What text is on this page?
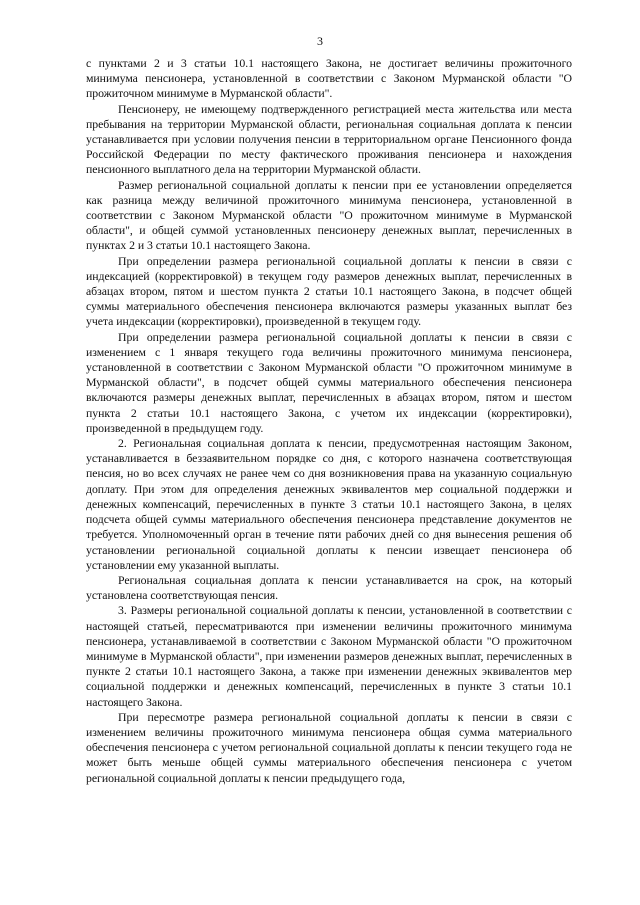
3

с пунктами 2 и 3 статьи 10.1 настоящего Закона, не достигает величины прожиточного минимума пенсионера, установленной в соответствии с Законом Мурманской области "О прожиточном минимуме в Мурманской области".

Пенсионеру, не имеющему подтвержденного регистрацией места жительства или места пребывания на территории Мурманской области, региональная социальная доплата к пенсии устанавливается при условии получения пенсии в территориальном органе Пенсионного фонда Российской Федерации по месту фактического проживания пенсионера и нахождения пенсионного выплатного дела на территории Мурманской области.

Размер региональной социальной доплаты к пенсии при ее установлении определяется как разница между величиной прожиточного минимума пенсионера, установленной в соответствии с Законом Мурманской области "О прожиточном минимуме в Мурманской области", и общей суммой установленных пенсионеру денежных выплат, перечисленных в пунктах 2 и 3 статьи 10.1 настоящего Закона.

При определении размера региональной социальной доплаты к пенсии в связи с индексацией (корректировкой) в текущем году размеров денежных выплат, перечисленных в абзацах втором, пятом и шестом пункта 2 статьи 10.1 настоящего Закона, в подсчет общей суммы материального обеспечения пенсионера включаются размеры указанных выплат без учета индексации (корректировки), произведенной в текущем году.

При определении размера региональной социальной доплаты к пенсии в связи с изменением с 1 января текущего года величины прожиточного минимума пенсионера, установленной в соответствии с Законом Мурманской области "О прожиточном минимуме в Мурманской области", в подсчет общей суммы материального обеспечения пенсионера включаются размеры денежных выплат, перечисленных в абзацах втором, пятом и шестом пункта 2 статьи 10.1 настоящего Закона, с учетом их индексации (корректировки), произведенной в предыдущем году.

2. Региональная социальная доплата к пенсии, предусмотренная настоящим Законом, устанавливается в беззаявительном порядке со дня, с которого назначена соответствующая пенсия, но во всех случаях не ранее чем со дня возникновения права на указанную социальную доплату. При этом для определения денежных эквивалентов мер социальной поддержки и денежных компенсаций, перечисленных в пункте 3 статьи 10.1 настоящего Закона, в целях подсчета общей суммы материального обеспечения пенсионера представление документов не требуется. Уполномоченный орган в течение пяти рабочих дней со дня вынесения решения об установлении региональной социальной доплаты к пенсии извещает пенсионера об установлении ему указанной выплаты.

Региональная социальная доплата к пенсии устанавливается на срок, на который установлена соответствующая пенсия.

3. Размеры региональной социальной доплаты к пенсии, установленной в соответствии с настоящей статьей, пересматриваются при изменении величины прожиточного минимума пенсионера, устанавливаемой в соответствии с Законом Мурманской области "О прожиточном минимуме в Мурманской области", при изменении размеров денежных выплат, перечисленных в пункте 2 статьи 10.1 настоящего Закона, а также при изменении денежных эквивалентов мер социальной поддержки и денежных компенсаций, перечисленных в пункте 3 статьи 10.1 настоящего Закона.

При пересмотре размера региональной социальной доплаты к пенсии в связи с изменением величины прожиточного минимума пенсионера общая сумма материального обеспечения пенсионера с учетом региональной социальной доплаты к пенсии текущего года не может быть меньше общей суммы материального обеспечения пенсионера с учетом региональной социальной доплаты к пенсии предыдущего года,
